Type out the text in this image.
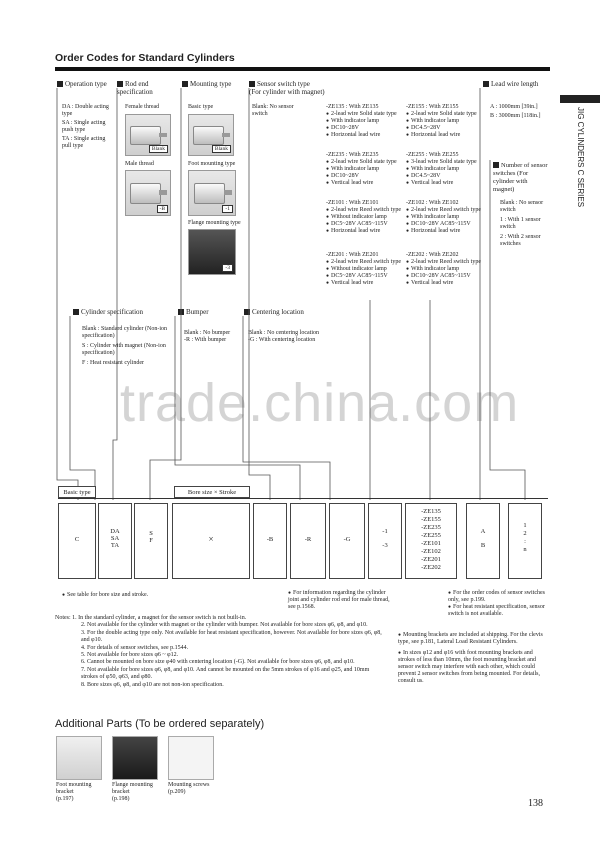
Order Codes for Standard Cylinders
JIG CYLINDERS C SERIES
Operation type	Rod end specification
Mounting type	Sensor switch type
(For cylinder with magnet)
Lead wire length
DA : Double acting type
SA : Single acting push type
TA : Single acting pull type
Female thread
Blank
Male thread
-B
Basic type
Blank
Foot mounting type
-1
Flange mounting type
-3
Blank: No sensor switch
-ZE135 : With ZE135
● 2-lead wire Solid state type
● With indicator lamp
● DC10~28V
● Horizontal lead wire
-ZE155 : With ZE155
● 2-lead wire Solid state type
● With indicator lamp
● DC4.5~28V
● Horizontal lead wire
-ZE235 : With ZE235
● 2-lead wire Solid state type
● With indicator lamp
● DC10~28V
● Vertical lead wire
-ZE255 : With ZE255
● 3-lead wire Solid state type
● With indicator lamp
● DC4.5~28V
● Vertical lead wire
-ZE101 : With ZE101
● 2-lead wire Reed switch type
● Without indicator lamp
● DC5~28V AC85~115V
● Horizontal lead wire
-ZE102 : With ZE102
● 2-lead wire Reed switch type
● With indicator lamp
● DC10~28V AC85~115V
● Horizontal lead wire
-ZE201 : With ZE201
● 2-lead wire Reed switch type
● Without indicator lamp
● DC5~28V AC85~115V
● Vertical lead wire
-ZE202 : With ZE202
● 2-lead wire Reed switch type
● With indicator lamp
● DC10~28V AC85~115V
● Vertical lead wire
A : 1000mm [39in.]
B : 3000mm [118in.]
Number of sensor switches (For cylinder with magnet)
Blank : No sensor switch
1 : With 1 sensor switch
2 : With 2 sensor switches
Cylinder specification
Blank : Standard cylinder (Non-ion specification)
S : Cylinder with magnet (Non-ion specification)
F : Heat resistant cylinder
Bumper
Blank : No bumper
-R : With bumper
Centering location
Blank : No centering location
-G : With centering location
trade.china.com
Basic type	Bore size × Stroke
C
DA
SA
TA
S
F	×	-B	-R	-G
-1

-3
-ZE135
-ZE155
-ZE235
-ZE255
-ZE101
-ZE102
-ZE201
-ZE202
A

B
1
2
:
n
● See table for bore size and stroke.
●	For information regarding the cylinder joint and cylinder rod end for male thread, see p.1568.
● For the order codes of sensor switches only, see p.199.
● For heat resistant specification, sensor switch is not available.
Notes: 1. In the standard cylinder, a magnet for the sensor switch is not built-in.
2. Not available for the cylinder with magnet or the cylinder with bumper. Not available for bore sizes φ6, φ8, and φ10.
3. For the double acting type only. Not available for heat resistant specification, however. Not available for bore sizes φ6, φ8, and φ10.
4. For details of sensor switches, see p.1544.
5. Not available for bore sizes φ6 ~ φ12.
6. Cannot be mounted on bore size φ40 with centering location (-G). Not available for bore sizes φ6, φ8, and φ10.
7. Not available for bore sizes φ6, φ8, and φ10. And cannot be mounted on the 5mm strokes of φ16 and φ25, and 10mm strokes of φ50, φ63, and φ80.
8. Bore sizes φ6, φ8, and φ10 are not non-ion specification.
● Mounting brackets are included at shipping. For the clevis type, see p.181, Lateral Load Resistant Cylinders.
● In sizes φ12 and φ16 with foot mounting brackets and strokes of less than 10mm, the foot mounting bracket and sensor switch may interfere with each other, which could prevent 2 sensor switches from being mounted. For details, consult us.
Additional Parts (To be ordered separately)
Foot mounting bracket
(p.197)
Flange mounting bracket
(p.198)
Mounting screws
(p.209)
138
